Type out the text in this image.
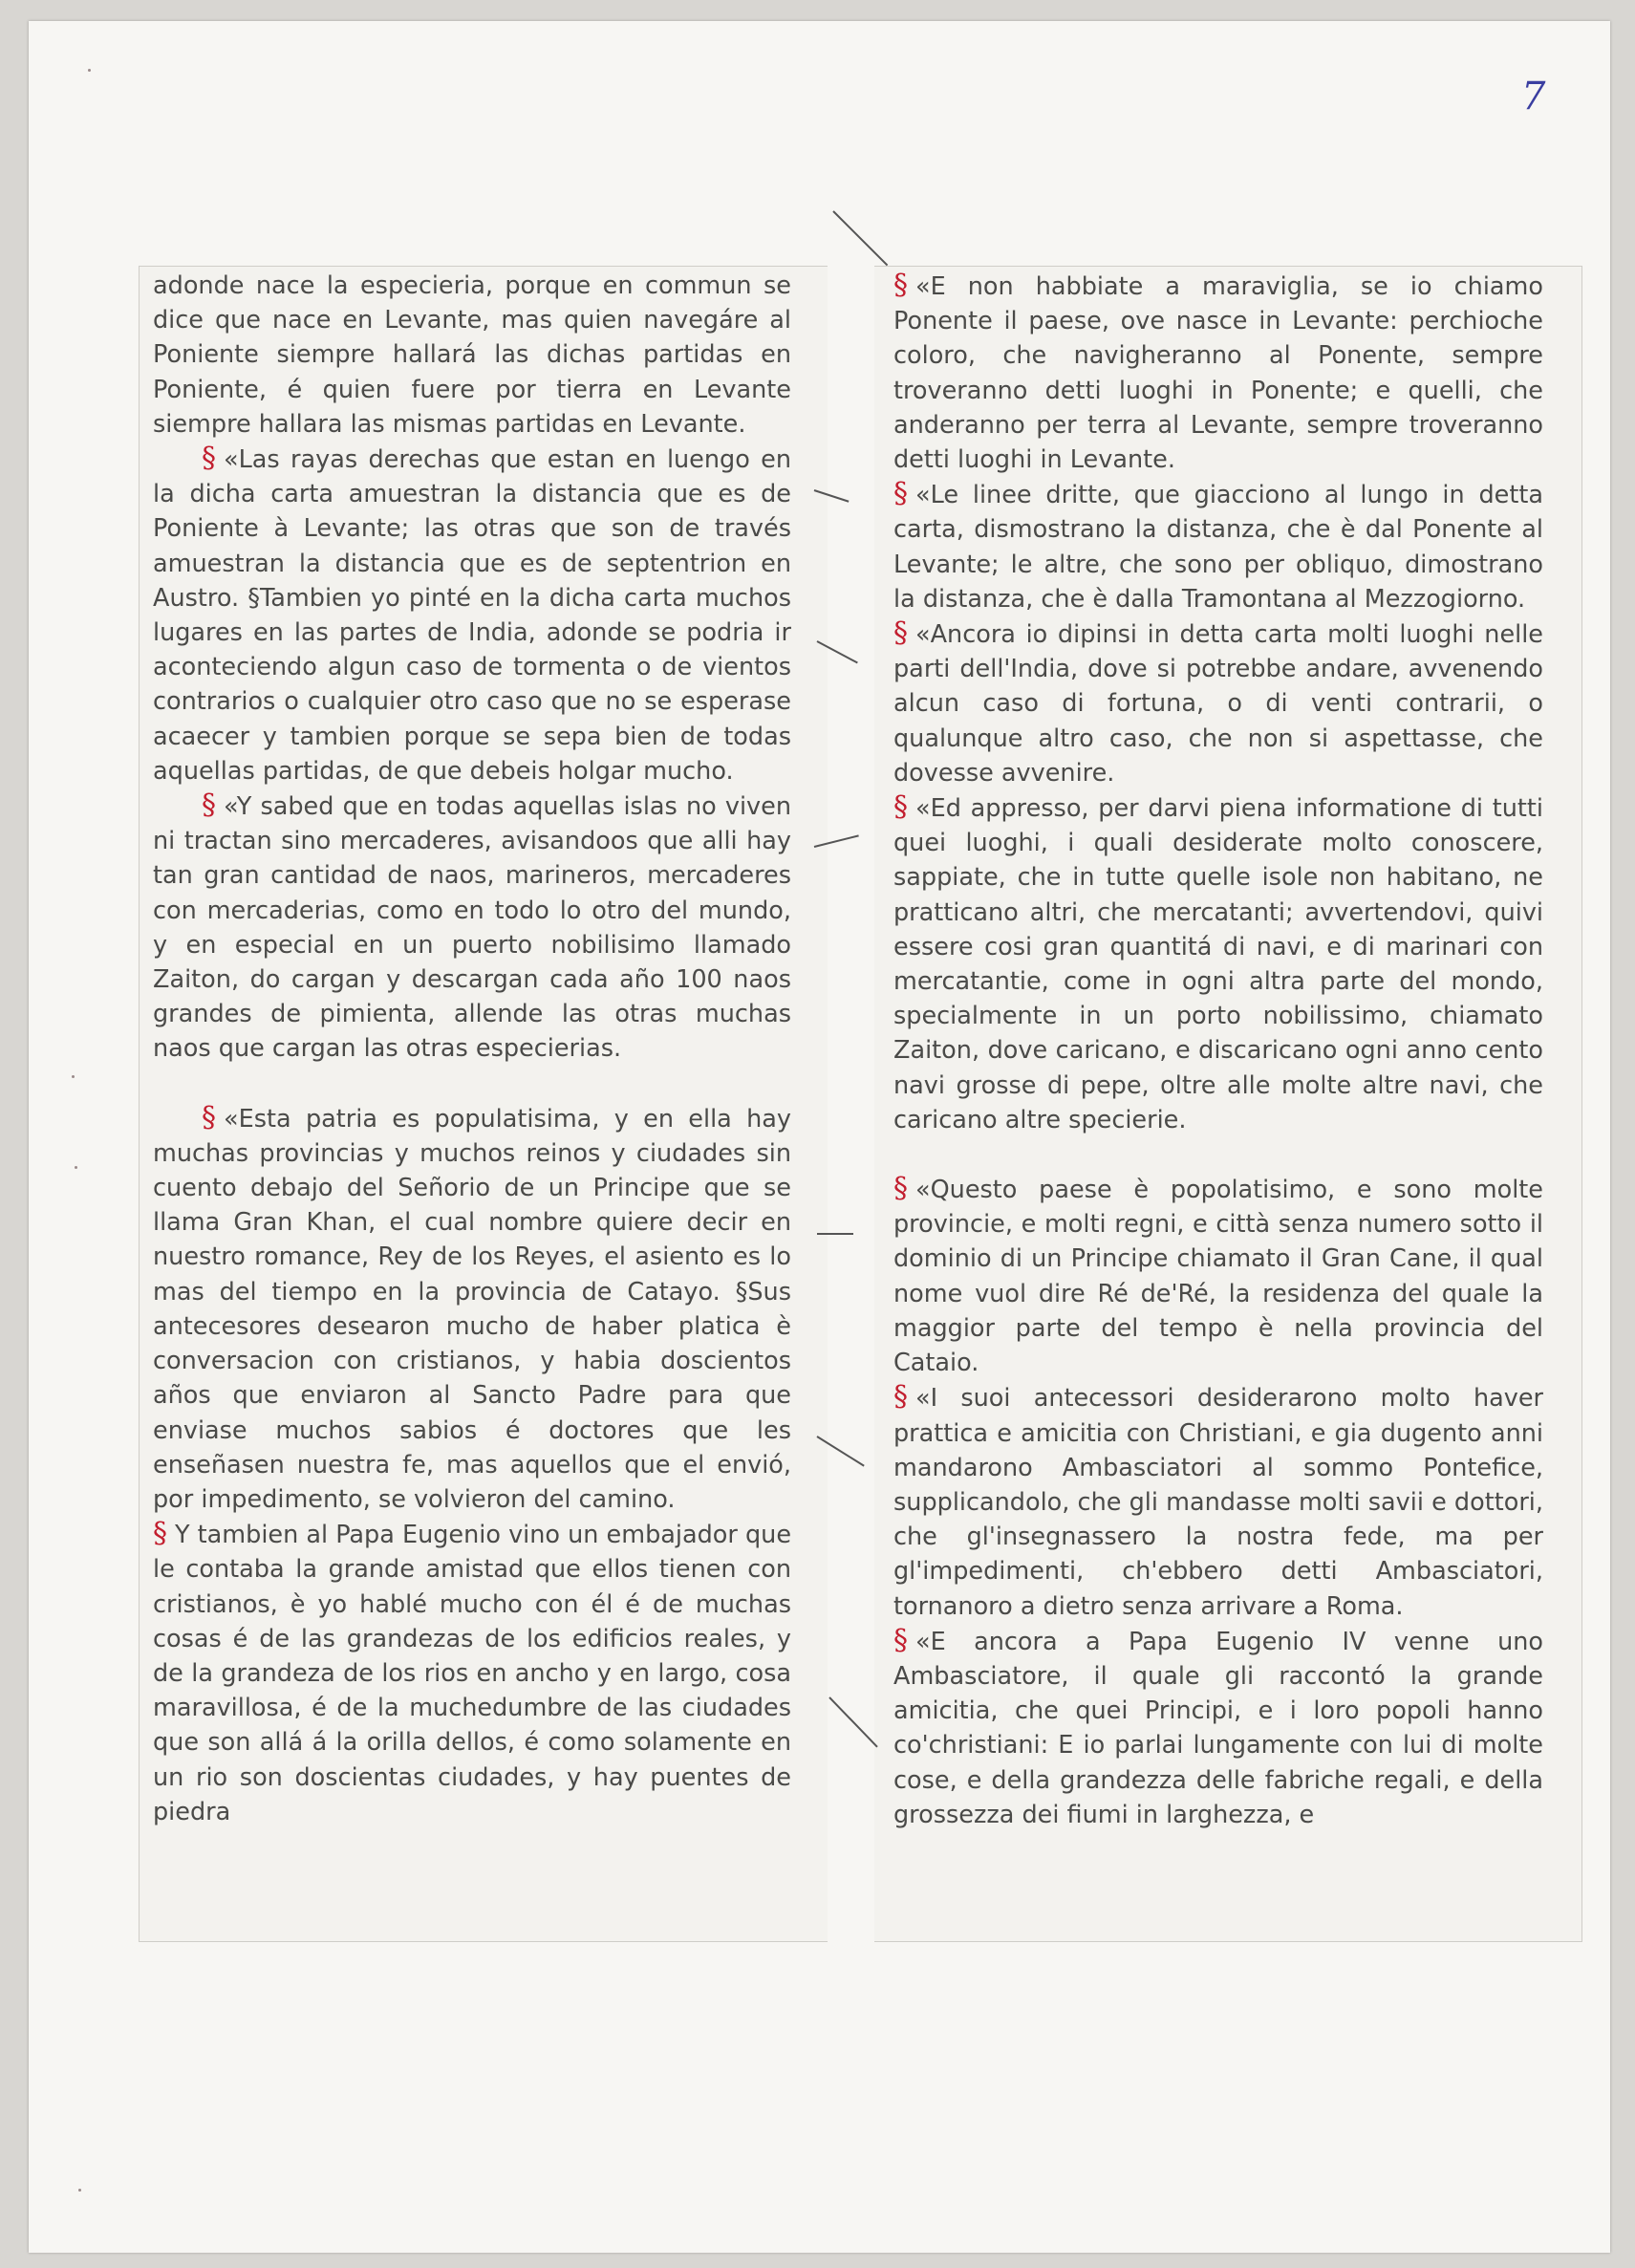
7

adonde nace la especieria, porque en commun se dice que nace en Levante, mas quien navegáre al Poniente siempre hallará las dichas partidas en Poniente, é quien fuere por tierra en Levante siempre hallara las mismas partidas en Levante.

§ «Las rayas derechas que estan en luengo en la dicha carta amuestran la distancia que es de Poniente à Levante; las otras que son de través amuestran la distancia que es de septentrion en Austro. §Tambien yo pinté en la dicha carta muchos lugares en las partes de India, adonde se podria ir aconteciendo algun caso de tormenta o de vientos contrarios o cualquier otro caso que no se esperase acaecer y tambien porque se sepa bien de todas aquellas partidas, de que debeis holgar mucho.

§ «Y sabed que en todas aquellas islas no viven ni tractan sino mercaderes, avisandoos que alli hay tan gran cantidad de naos, marineros, mercaderes con mercaderias, como en todo lo otro del mundo, y en especial en un puerto nobilisimo llamado Zaiton, do cargan y descargan cada año 100 naos grandes de pimienta, allende las otras muchas naos que cargan las otras especierias.

§ «Esta patria es populatisima, y en ella hay muchas provincias y muchos reinos y ciudades sin cuento debajo del Señorio de un Principe que se llama Gran Khan, el cual nombre quiere decir en nuestro romance, Rey de los Reyes, el asiento es lo mas del tiempo en la provincia de Catayo. §Sus antecesores desearon mucho de haber platica è conversacion con cristianos, y habia doscientos años que enviaron al Sancto Padre para que enviase muchos sabios é doctores que les enseñasen nuestra fe, mas aquellos que el envió, por impedimento, se volvieron del camino.

§ Y tambien al Papa Eugenio vino un embajador que le contaba la grande amistad que ellos tienen con cristianos, è yo hablé mucho con él é de muchas cosas é de las grandezas de los edificios reales, y de la grandeza de los rios en ancho y en largo, cosa maravillosa, é de la muchedumbre de las ciudades que son allá á la orilla dellos, é como solamente en un rio son doscientas ciudades, y hay puentes de piedra

§ «E non habbiate a maraviglia, se io chiamo Ponente il paese, ove nasce in Levante: perchioche coloro, che navigheranno al Ponente, sempre troveranno detti luoghi in Ponente; e quelli, che anderanno per terra al Levante, sempre troveranno detti luoghi in Levante.

§ «Le linee dritte, que giacciono al lungo in detta carta, dismostrano la distanza, che è dal Ponente al Levante; le altre, che sono per obliquo, dimostrano la distanza, che è dalla Tramontana al Mezzogiorno.

§ «Ancora io dipinsi in detta carta molti luoghi nelle parti dell'India, dove si potrebbe andare, avvenendo alcun caso di fortuna, o di venti contrarii, o qualunque altro caso, che non si aspettasse, che dovesse avvenire.

§ «Ed appresso, per darvi piena informatione di tutti quei luoghi, i quali desiderate molto conoscere, sappiate, che in tutte quelle isole non habitano, ne pratticano altri, che mercatanti; avvertendovi, quivi essere cosi gran quantitá di navi, e di marinari con mercatantie, come in ogni altra parte del mondo, specialmente in un porto nobilissimo, chiamato Zaiton, dove caricano, e discaricano ogni anno cento navi grosse di pepe, oltre alle molte altre navi, che caricano altre specierie.

§ «Questo paese è popolatisimo, e sono molte provincie, e molti regni, e città senza numero sotto il dominio di un Principe chiamato il Gran Cane, il qual nome vuol dire Ré de'Ré, la residenza del quale la maggior parte del tempo è nella provincia del Cataio.

§ «I suoi antecessori desiderarono molto haver prattica e amicitia con Christiani, e gia dugento anni mandarono Ambasciatori al sommo Pontefice, supplicandolo, che gli mandasse molti savii e dottori, che gl'insegnassero la nostra fede, ma per gl'impedimenti, ch'ebbero detti Ambasciatori, tornanoro a dietro senza arrivare a Roma.

§ «E ancora a Papa Eugenio IV venne uno Ambasciatore, il quale gli raccontó la grande amicitia, che quei Principi, e i loro popoli hanno co'christiani: E io parlai lungamente con lui di molte cose, e della grandezza delle fabriche regali, e della grossezza dei fiumi in larghezza, e
